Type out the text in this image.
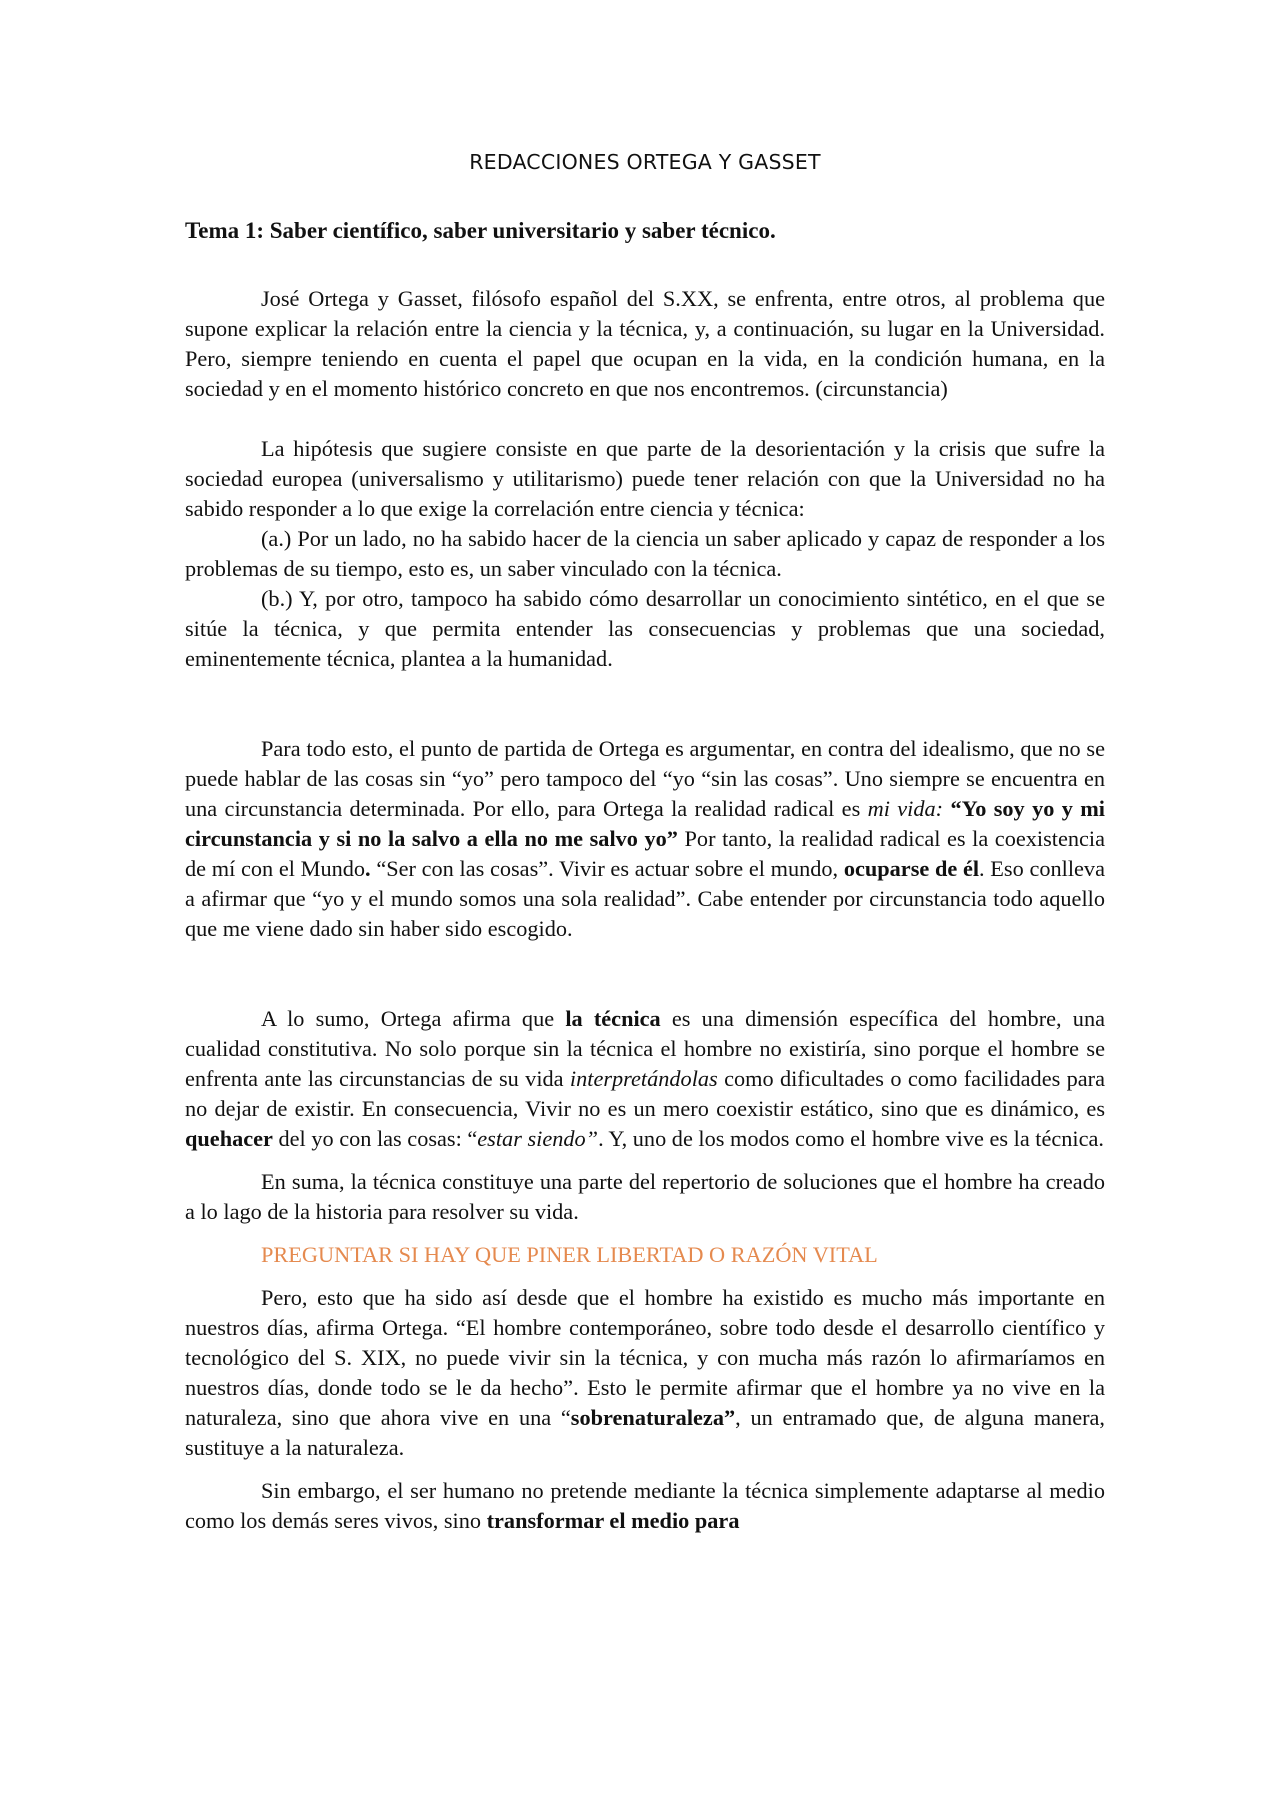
REDACCIONES ORTEGA Y GASSET
Tema 1: Saber científico, saber universitario y saber técnico.

José Ortega y Gasset, filósofo español del S.XX, se enfrenta, entre otros, al problema que supone explicar la relación entre la ciencia y la técnica, y, a continuación, su lugar en la Universidad. Pero, siempre teniendo en cuenta el papel que ocupan en la vida, en la condición humana, en la sociedad y en el momento histórico concreto en que nos encontremos. (circunstancia)

La hipótesis que sugiere consiste en que parte de la desorientación y la crisis que sufre la sociedad europea (universalismo y utilitarismo) puede tener relación con que la Universidad no ha sabido responder a lo que exige la correlación entre ciencia y técnica:

(a.) Por un lado, no ha sabido hacer de la ciencia un saber aplicado y capaz de responder a los problemas de su tiempo, esto es, un saber vinculado con la técnica.

(b.) Y, por otro, tampoco ha sabido cómo desarrollar un conocimiento sintético, en el que se sitúe la técnica, y que permita entender las consecuencias y problemas que una sociedad, eminentemente técnica, plantea a la humanidad.

Para todo esto, el punto de partida de Ortega es argumentar, en contra del idealismo, que no se puede hablar de las cosas sin “yo” pero tampoco del “yo “sin las cosas”. Uno siempre se encuentra en una circunstancia determinada. Por ello, para Ortega la realidad radical es mi vida: “Yo soy yo y mi circunstancia y si no la salvo a ella no me salvo yo” Por tanto, la realidad radical es la coexistencia de mí con el Mundo. “Ser con las cosas”. Vivir es actuar sobre el mundo, ocuparse de él. Eso conlleva a afirmar que “yo y el mundo somos una sola realidad”. Cabe entender por circunstancia todo aquello que me viene dado sin haber sido escogido.

A lo sumo, Ortega afirma que la técnica es una dimensión específica del hombre, una cualidad constitutiva. No solo porque sin la técnica el hombre no existiría, sino porque el hombre se enfrenta ante las circunstancias de su vida interpretándolas como dificultades o como facilidades para no dejar de existir. En consecuencia, Vivir no es un mero coexistir estático, sino que es dinámico, es quehacer del yo con las cosas: “estar siendo”. Y, uno de los modos como el hombre vive es la técnica.

En suma, la técnica constituye una parte del repertorio de soluciones que el hombre ha creado a lo lago de la historia para resolver su vida.

PREGUNTAR SI HAY QUE PINER LIBERTAD O RAZÓN VITAL

Pero, esto que ha sido así desde que el hombre ha existido es mucho más importante en nuestros días, afirma Ortega. “El hombre contemporáneo, sobre todo desde el desarrollo científico y tecnológico del S. XIX, no puede vivir sin la técnica, y con mucha más razón lo afirmaríamos en nuestros días, donde todo se le da hecho”. Esto le permite afirmar que el hombre ya no vive en la naturaleza, sino que ahora vive en una “sobrenaturaleza”, un entramado que, de alguna manera, sustituye a la naturaleza.

Sin embargo, el ser humano no pretende mediante la técnica simplemente adaptarse al medio como los demás seres vivos, sino transformar el medio para
